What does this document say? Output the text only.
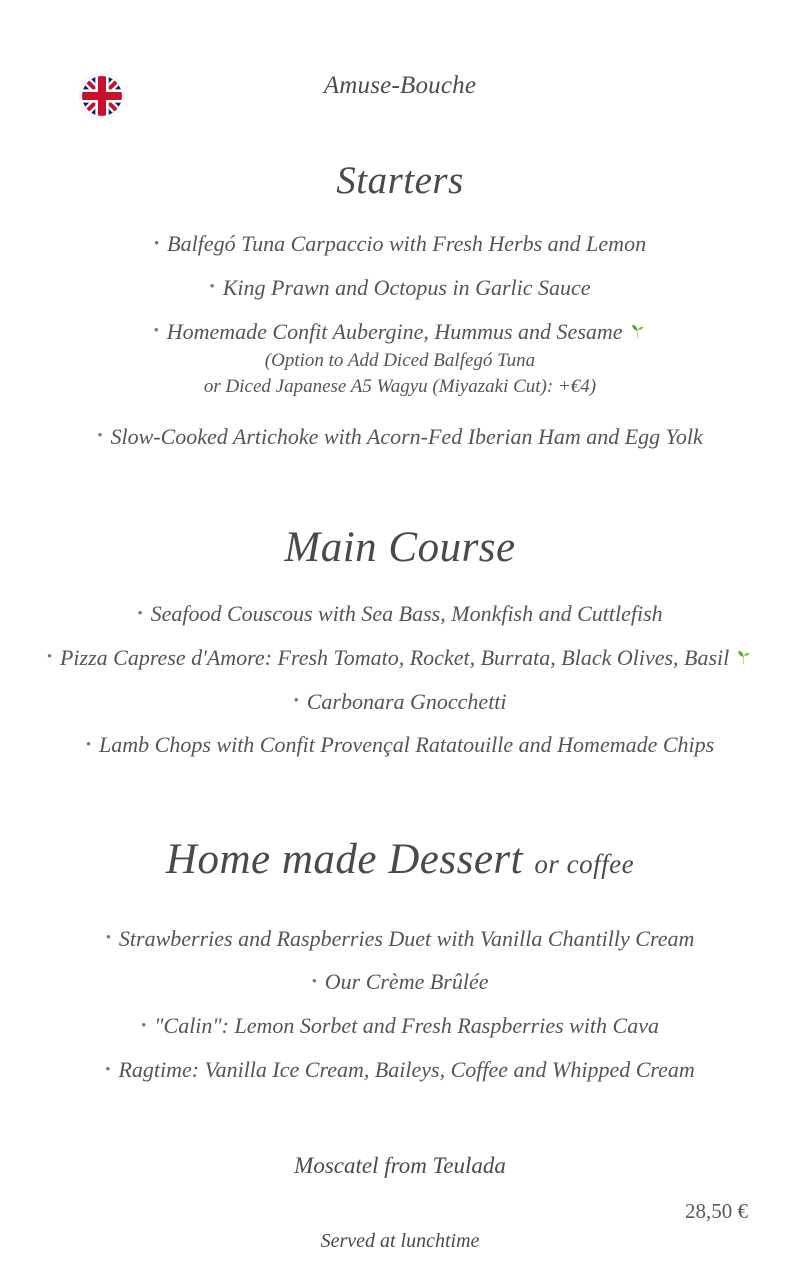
Amuse-Bouche
Starters
• Balfegó Tuna Carpaccio with Fresh Herbs and Lemon
• King Prawn and Octopus in Garlic Sauce
• Homemade Confit Aubergine, Hummus and Sesame
(Option to Add Diced Balfegó Tuna
or Diced Japanese A5 Wagyu (Miyazaki Cut): +€4)
• Slow-Cooked Artichoke with Acorn-Fed Iberian Ham and Egg Yolk
Main Course
• Seafood Couscous with Sea Bass, Monkfish and Cuttlefish
• Pizza Caprese d'Amore: Fresh Tomato, Rocket, Burrata, Black Olives, Basil
• Carbonara Gnocchetti
• Lamb Chops with Confit Provençal Ratatouille and Homemade Chips
Home made Dessert or coffee
• Strawberries and Raspberries Duet with Vanilla Chantilly Cream
• Our Crème Brûlée
• "Calin": Lemon Sorbet and Fresh Raspberries with Cava
• Ragtime: Vanilla Ice Cream, Baileys, Coffee and Whipped Cream
Moscatel from Teulada
28,50 €
Served at lunchtime
